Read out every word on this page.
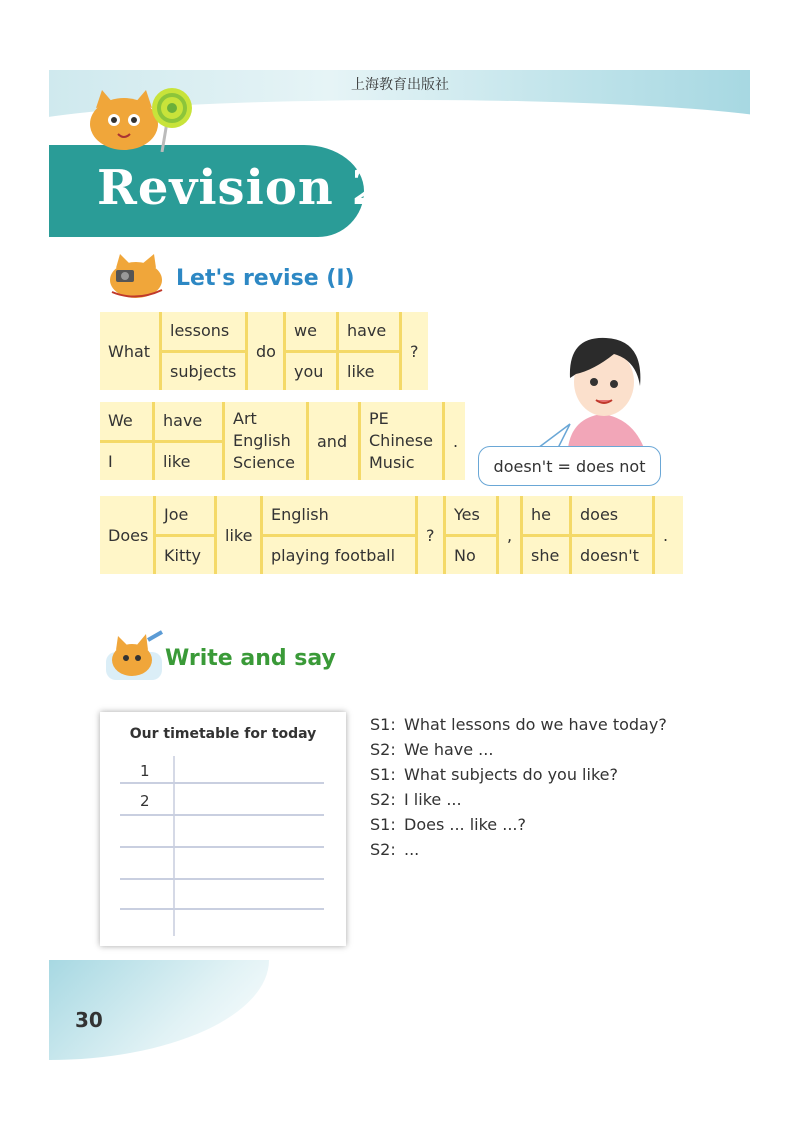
上海教育出版社
Revision 2
Let's revise (I)
What
lessons
subjects
do
we
you
have
like
?
We
I
have
like
Art
English
Science
and
PE
Chinese
Music
.
doesn't = does not
Does
Joe
Kitty
like
English
playing football
?
Yes
No
,
he
she
does
doesn't
.
Write and say
Our timetable for today
1
2
S1: What lessons do we have today?
S2: We have ...
S1: What subjects do you like?
S2: I like ...
S1: Does ... like ...?
S2: ...
30
